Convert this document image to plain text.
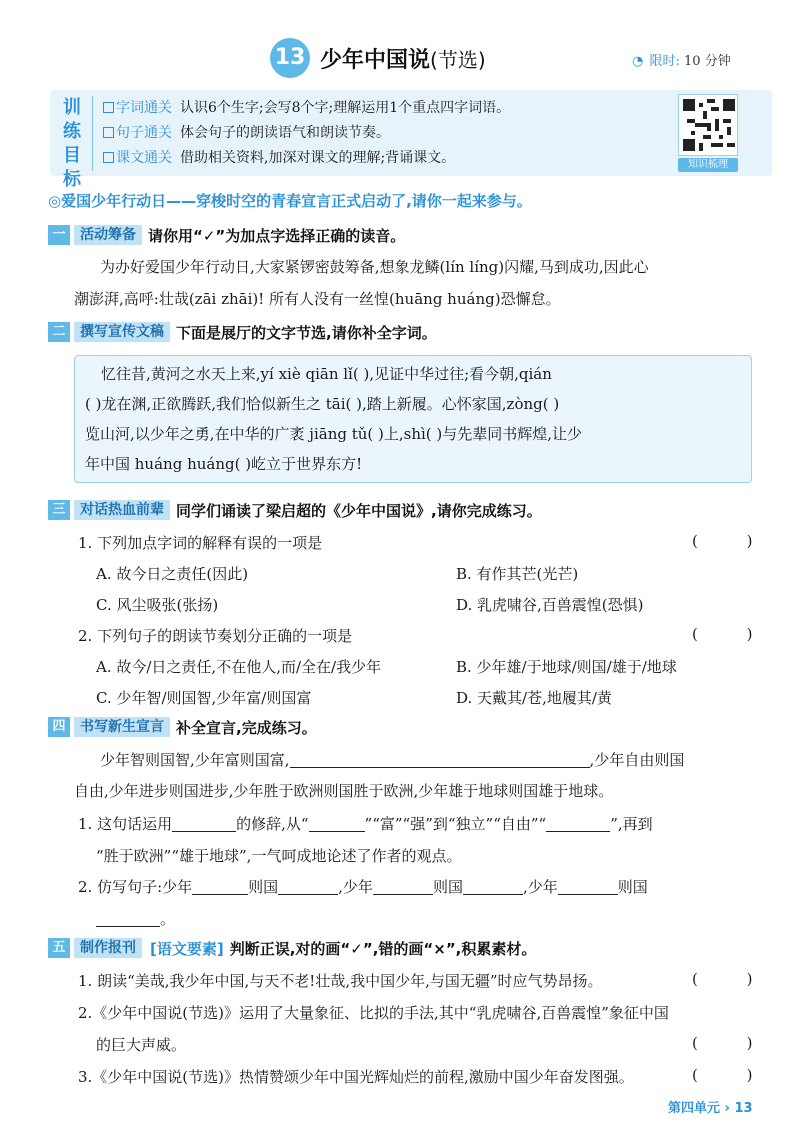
13 少年中国说(节选)	◔ 限时: 10 分钟
训练目标
字词通关 认识6个生字;会写8个字;理解运用1个重点四字词语。
句子通关 体会句子的朗读语气和朗读节奏。
课文通关 借助相关资料,加深对课文的理解;背诵课文。	知识梳理
◎爱国少年行动日——穿梭时空的青春宣言正式启动了,请你一起来参与。
一	活动筹备 请你用“✓”为加点字选择正确的读音。
为办好爱国少年行动日,大家紧锣密鼓筹备,想象龙鳞(lín líng)闪耀,马到成功,因此心
潮澎湃,高呼:壮哉(zāi zhāi)! 所有人没有一丝惶(huāng huáng)恐懈怠。
二	撰写宣传文稿 下面是展厅的文字节选,请你补全字词。
忆往昔,黄河之水天上来,yí xiè qiān lǐ( ),见证中华过往;看今朝,qián
( )龙在渊,正欲腾跃,我们恰似新生之 tāi( ),踏上新履。心怀家国,zòng( )
览山河,以少年之勇,在中华的广袤 jiāng tǔ( )上,shì( )与先辈同书辉煌,让少
年中国 huáng huáng( )屹立于世界东方!
三	对话热血前辈 同学们诵读了梁启超的《少年中国说》,请你完成练习。
1. 下列加点字词的解释有误的一项是	( )
A. 故今日之责任(因此)	B. 有作其芒(光芒)
C. 风尘吸张(张扬)	D. 乳虎啸谷,百兽震惶(恐惧)
2. 下列句子的朗读节奏划分正确的一项是	( )
A. 故今/日之责任,不在他人,而/全在/我少年	B. 少年雄/于地球/则国/雄于/地球
C. 少年智/则国智,少年富/则国富	D. 天戴其/苍,地履其/黄
四	书写新生宣言 补全宣言,完成练习。
少年智则国智,少年富则国富,	,少年自由则国
自由,少年进步则国进步,少年胜于欧洲则国胜于欧洲,少年雄于地球则国雄于地球。
1. 这句话运用	的修辞,从“	”“富”“强”到“独立”“自由”“	”,再到
“胜于欧洲”“雄于地球”,一气呵成地论述了作者的观点。
2. 仿写句子:少年	则国	,少年	则国	,少年	则国
。
五	制作报刊 [语文要素] 判断正误,对的画“✓”,错的画“×”,积累素材。
1. 朗读“美哉,我少年中国,与天不老!壮哉,我中国少年,与国无疆”时应气势昂扬。	( )
2.《少年中国说(节选)》运用了大量象征、比拟的手法,其中“乳虎啸谷,百兽震惶”象征中国
的巨大声威。	( )
3.《少年中国说(节选)》热情赞颂少年中国光辉灿烂的前程,激励中国少年奋发图强。	( )
第四单元 › 13
